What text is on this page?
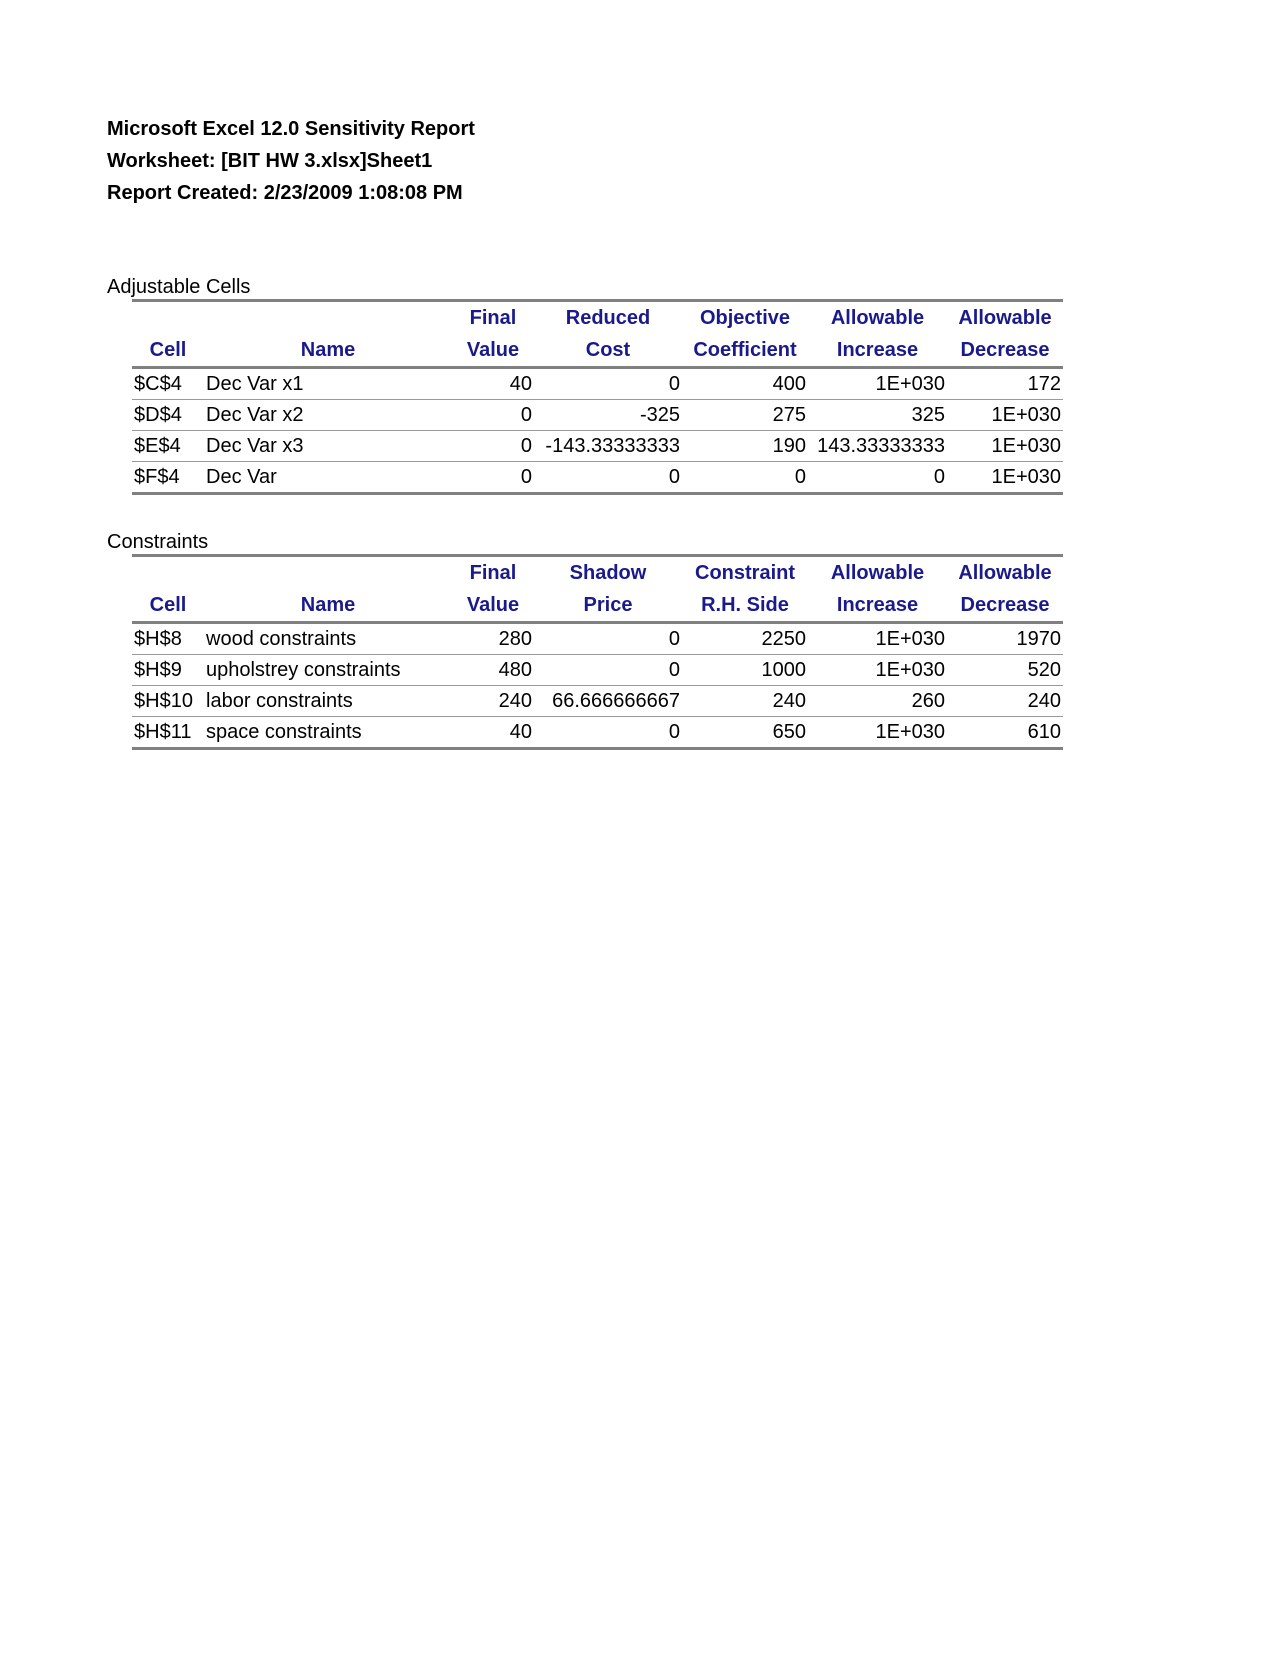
Microsoft Excel 12.0 Sensitivity Report
Worksheet: [BIT HW 3.xlsx]Sheet1
Report Created: 2/23/2009 1:08:08 PM
Adjustable Cells
		Final	Reduced	Objective	Allowable	Allowable
Cell	Name	Value	Cost	Coefficient	Increase	Decrease
$C$4	Dec Var x1	40	0	400	1E+030	172
$D$4	Dec Var x2	0	-325	275	325	1E+030
$E$4	Dec Var x3	0	-143.33333333	190	143.33333333	1E+030
$F$4	Dec Var	0	0	0	0	1E+030
Constraints
		Final	Shadow	Constraint	Allowable	Allowable
Cell	Name	Value	Price	R.H. Side	Increase	Decrease
$H$8	wood constraints	280	0	2250	1E+030	1970
$H$9	upholstrey constraints	480	0	1000	1E+030	520
$H$10	labor constraints	240	66.666666667	240	260	240
$H$11	space constraints	40	0	650	1E+030	610
